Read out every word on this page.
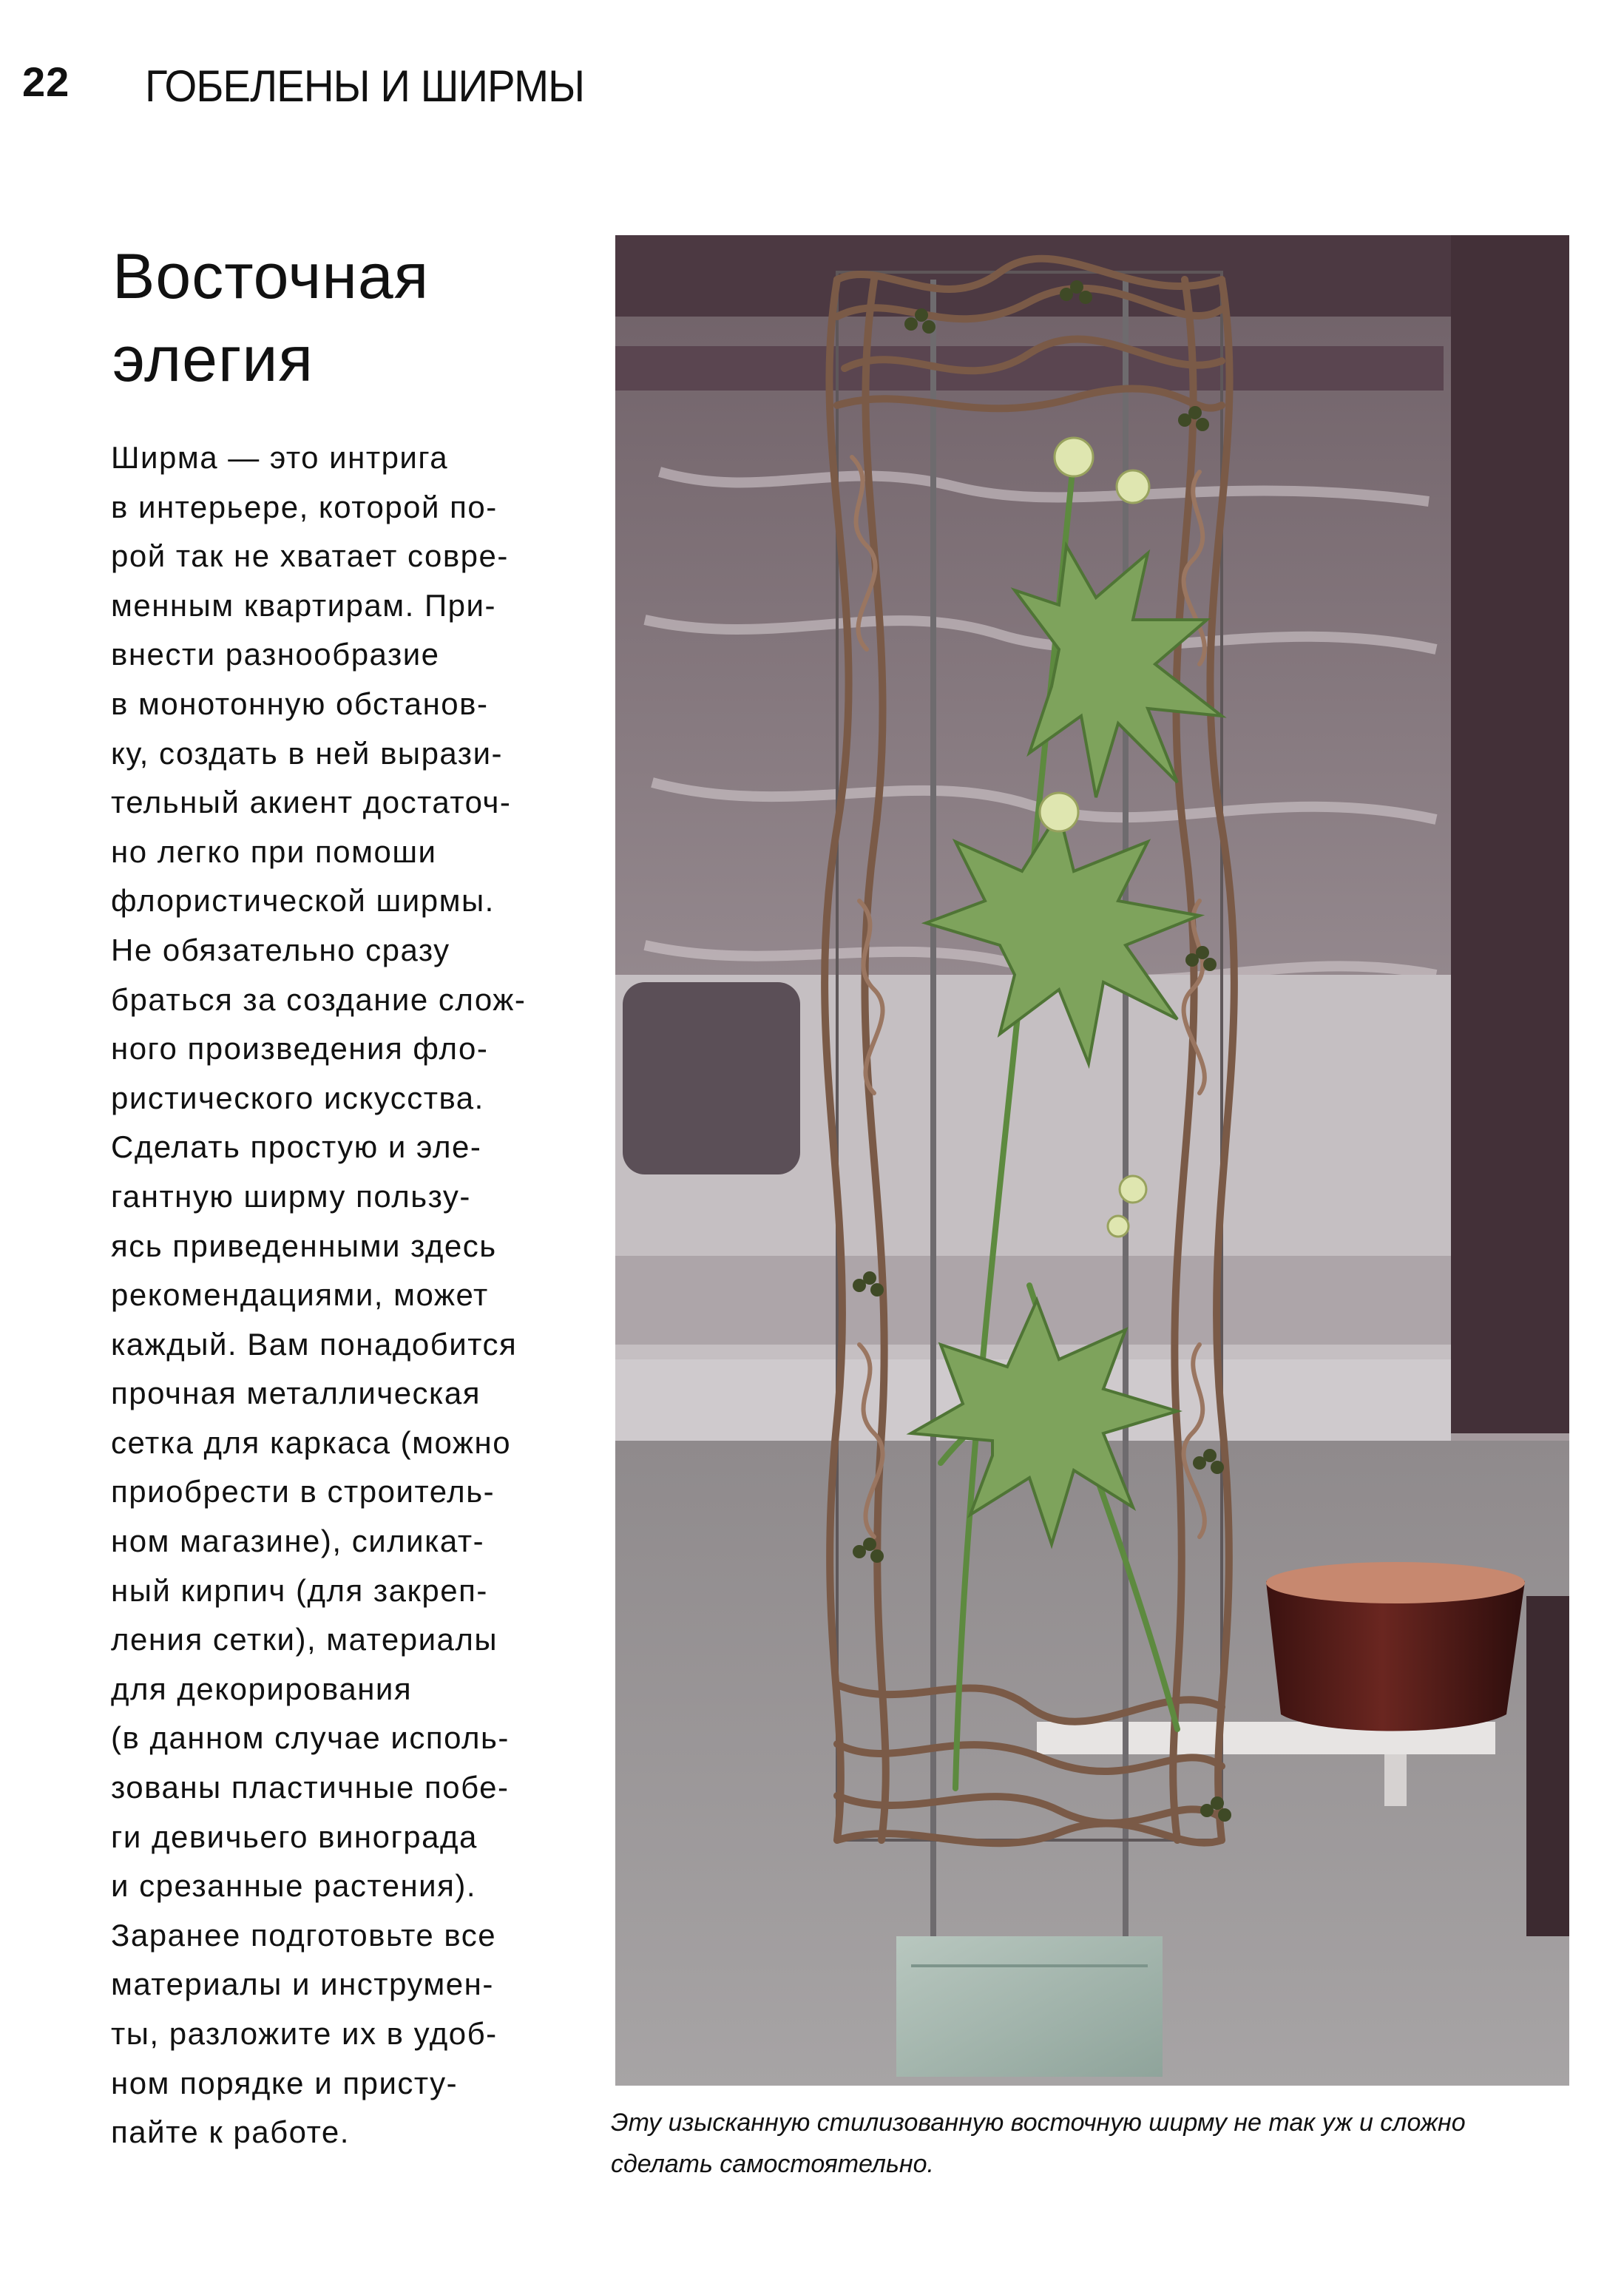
22 ГОБЕЛЕНЫ И ШИРМЫ
Восточная
элегия
Ширма — это интрига
в интерьере, которой по-
рой так не хватает совре-
менным квартирам. При-
внести разнообразие
в монотонную обстанов-
ку, создать в ней вырази-
тельный акиент достаточ-
но легко при помоши
флористической ширмы.
Не обязательно сразу
браться за создание слож-
ного произведения фло-
ристического искусства.
Сделать простую и эле-
гантную ширму пользу-
ясь приведенными здесь
рекомендациями, может
каждый. Вам понадобится
прочная металлическая
сетка для каркаса (можно
приобрести в строитель-
ном магазине), силикат-
ный кирпич (для закреп-
ления сетки), материалы
для декорирования
(в данном случае исполь-
зованы пластичные побе-
ги девичьего винограда
и срезанные растения).
Заранее подготовьте все
материалы и инструмен-
ты, разложите их в удоб-
ном порядке и присту-
пайте к работе.	Эту изысканную стилизованную восточную ширму не так уж и сложно
сделать самостоятельно.
